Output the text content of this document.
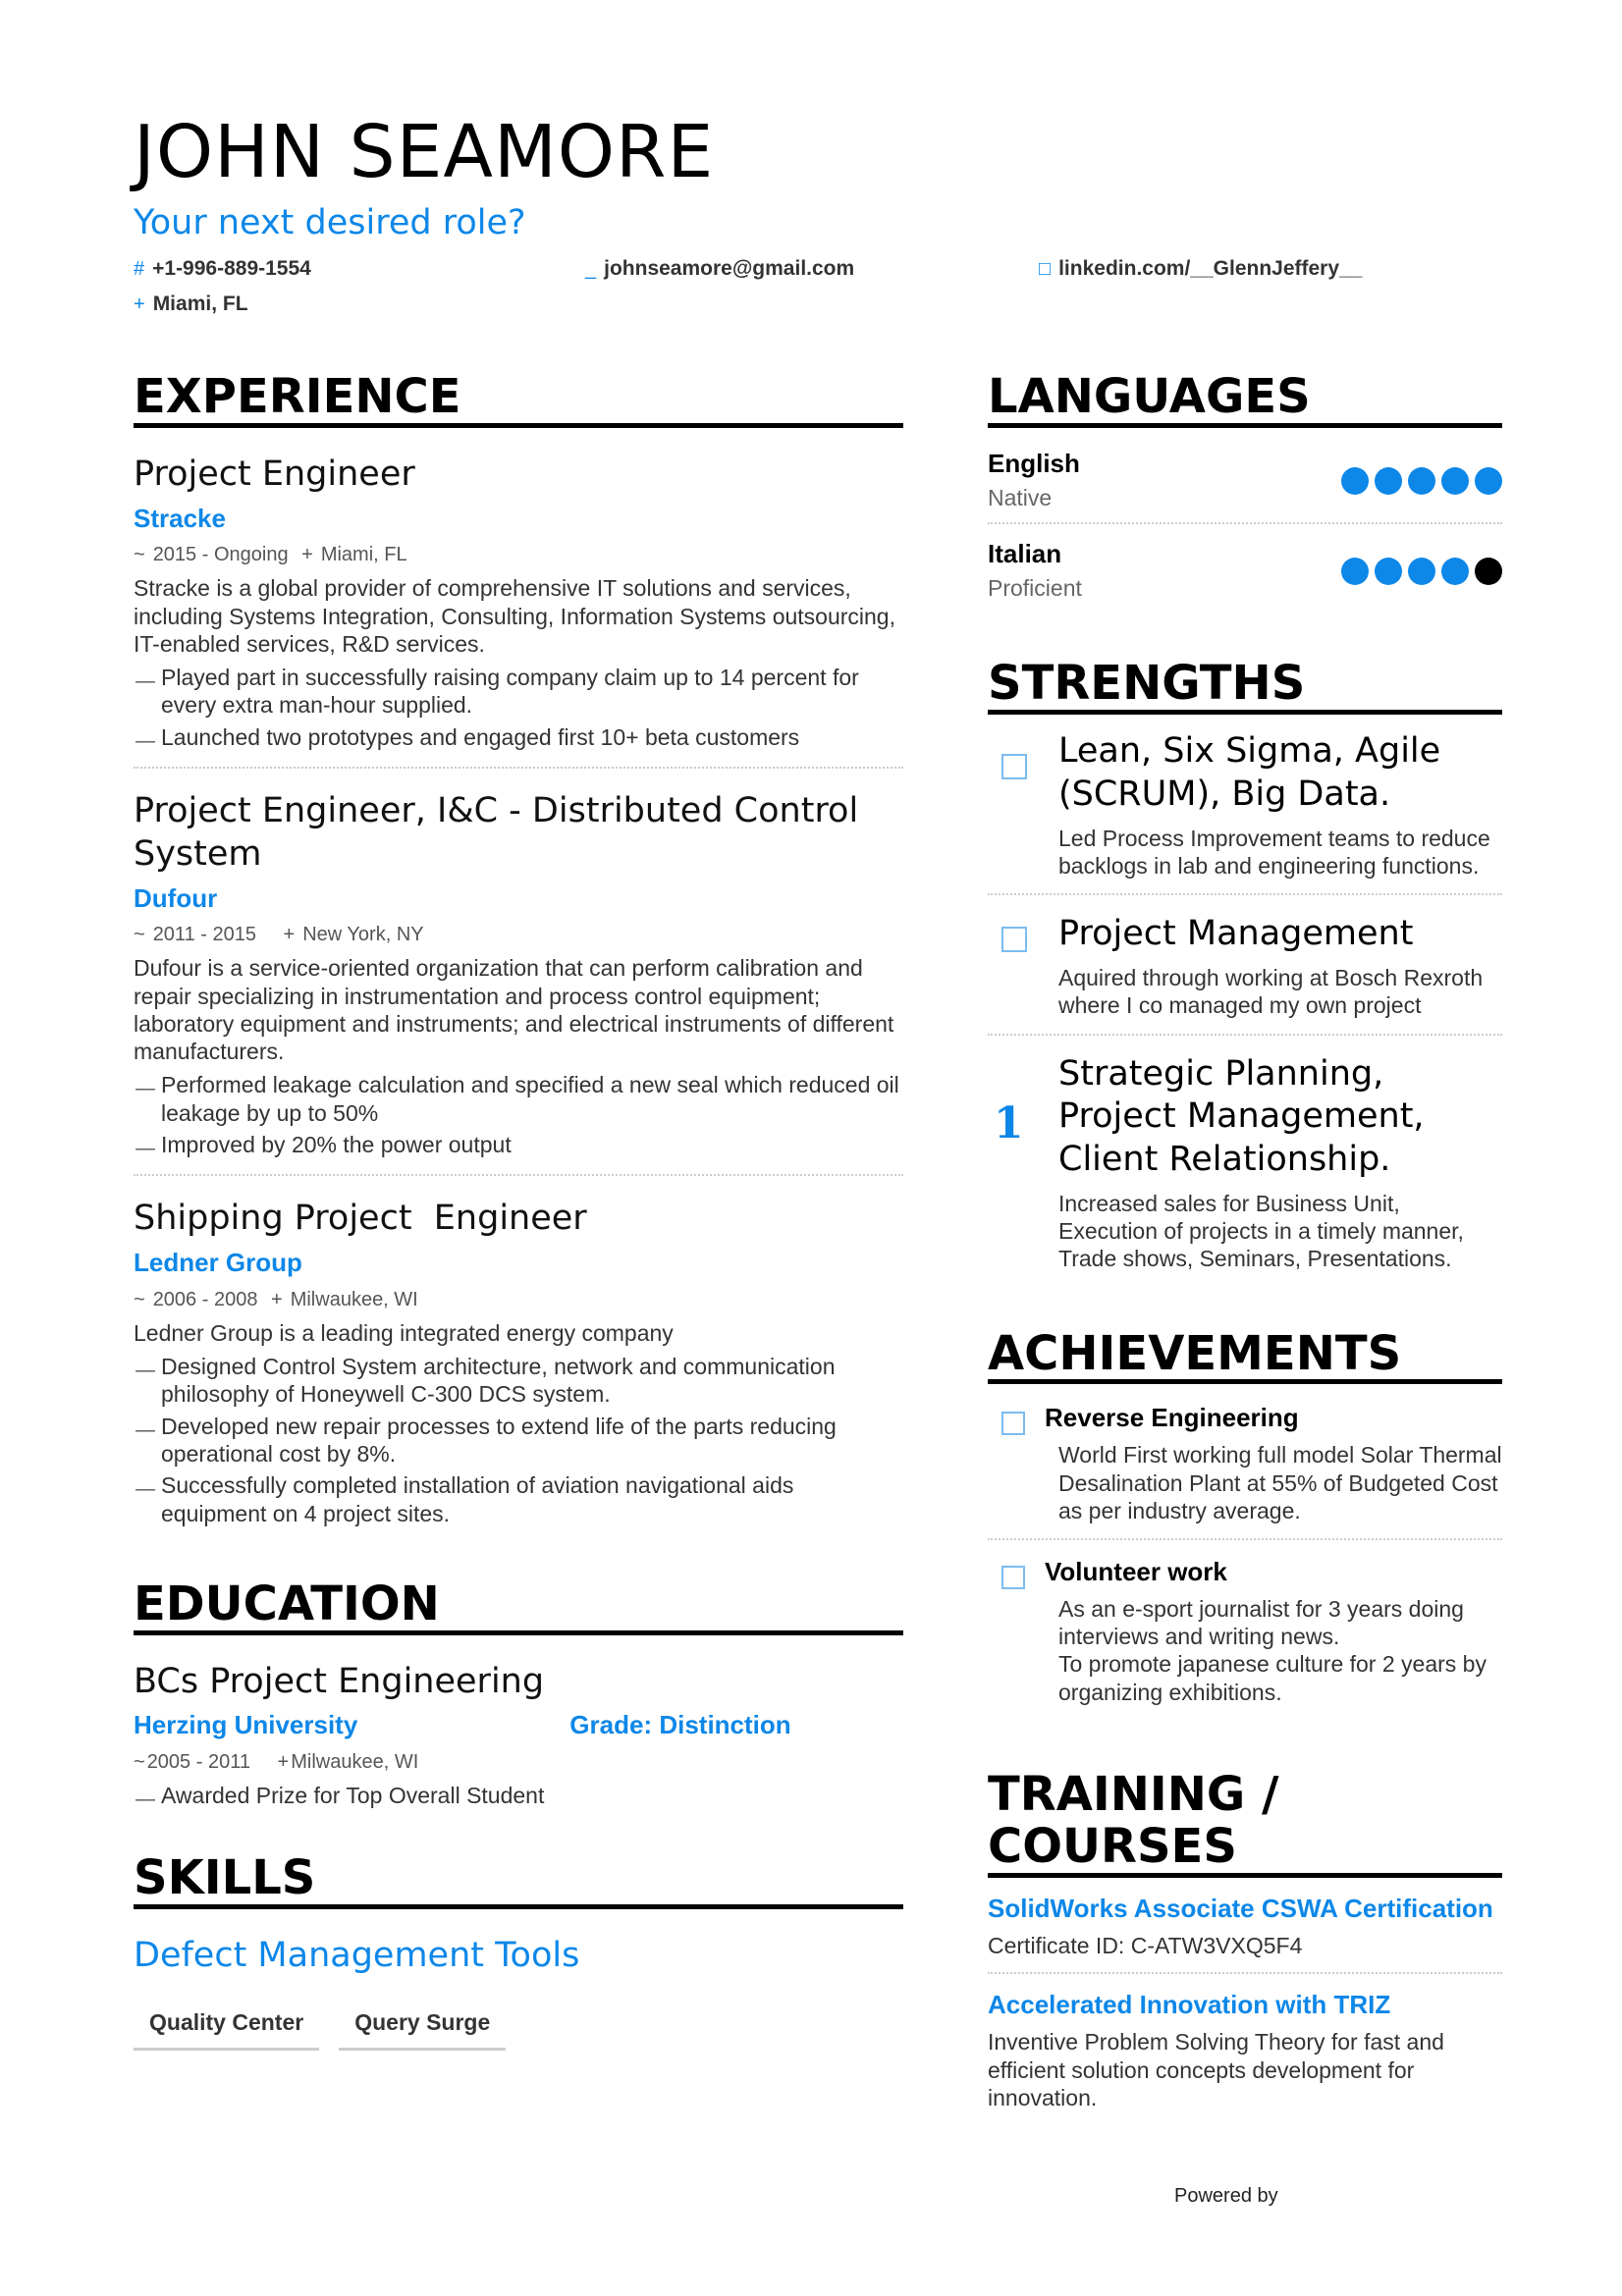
JOHN SEAMORE
Your next desired role?
# +1-996-889-1554	_ johnseamore@gmail.com	□ linkedin.com/__GlennJeffery__
+ Miami, FL
EXPERIENCE
Project Engineer
Stracke
~ 2015 - Ongoing + Miami, FL
Stracke is a global provider of comprehensive IT solutions and services, including Systems Integration, Consulting, Information Systems outsourcing, IT-enabled services, R&D services.
— Played part in successfully raising company claim up to 14 percent for every extra man-hour supplied.
— Launched two prototypes and engaged first 10+ beta customers
Project Engineer, I&C - Distributed Control System
Dufour
~ 2011 - 2015 + New York, NY
Dufour is a service-oriented organization that can perform calibration and repair specializing in instrumentation and process control equipment; laboratory equipment and instruments; and electrical instruments of different manufacturers.
— Performed leakage calculation and specified a new seal which reduced oil leakage by up to 50%
— Improved by 20% the power output
Shipping Project  Engineer
Ledner Group
~ 2006 - 2008 + Milwaukee, WI
Ledner Group is a leading integrated energy company
— Designed Control System architecture, network and communication philosophy of Honeywell C-300 DCS system.
— Developed new repair processes to extend life of the parts reducing operational cost by 8%.
— Successfully completed installation of aviation navigational aids equipment on 4 project sites.
EDUCATION
BCs Project Engineering
Herzing University	Grade: Distinction
~ 2005 - 2011 + Milwaukee, WI
— Awarded Prize for Top Overall Student
SKILLS
Defect Management Tools
Quality Center	Query Surge
LANGUAGES
English
Native
Italian
Proficient
STRENGTHS
Lean, Six Sigma, Agile (SCRUM), Big Data.
Led Process Improvement teams to reduce backlogs in lab and engineering functions.
Project Management
Aquired through working at Bosch Rexroth where I co managed my own project
1
Strategic Planning, Project Management, Client Relationship.
Increased sales for Business Unit, Execution of projects in a timely manner, Trade shows, Seminars, Presentations.
ACHIEVEMENTS
Reverse Engineering
World First working full model Solar Thermal Desalination Plant at 55% of Budgeted Cost as per industry average.
Volunteer work
As an e-sport journalist for 3 years doing interviews and writing news.
To promote japanese culture for 2 years by organizing exhibitions.
TRAINING / COURSES
SolidWorks Associate CSWA Certification
Certificate ID: C-ATW3VXQ5F4
Accelerated Innovation with TRIZ
Inventive Problem Solving Theory for fast and efficient solution concepts development for innovation.
Powered by
